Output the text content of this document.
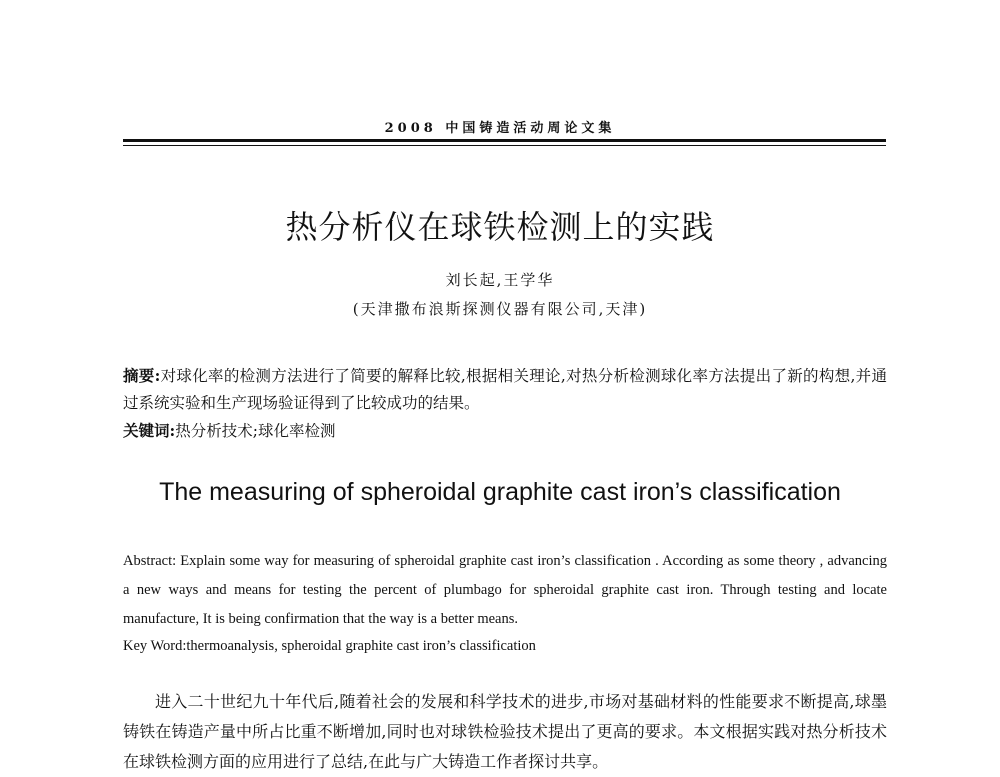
2008 中国铸造活动周论文集
热分析仪在球铁检测上的实践
刘长起,王学华
(天津撒布浪斯探测仪器有限公司,天津)
摘要:对球化率的检测方法进行了简要的解释比较,根据相关理论,对热分析检测球化率方法提出了新的构想,并通过系统实验和生产现场验证得到了比较成功的结果。
关键词:热分析技术;球化率检测
The measuring of spheroidal graphite cast iron’s classification
Abstract: Explain some way for measuring of spheroidal graphite cast iron’s classification . According as some theory , advancing a new ways and means for testing the percent of plumbago for spheroidal graphite cast iron. Through testing and locate manufacture, It is being confirmation that the way is a better means.
Key Word:thermoanalysis, spheroidal graphite cast iron’s classification
进入二十世纪九十年代后,随着社会的发展和科学技术的进步,市场对基础材料的性能要求不断提高,球墨铸铁在铸造产量中所占比重不断增加,同时也对球铁检验技术提出了更高的要求。本文根据实践对热分析技术在球铁检测方面的应用进行了总结,在此与广大铸造工作者探讨共享。
